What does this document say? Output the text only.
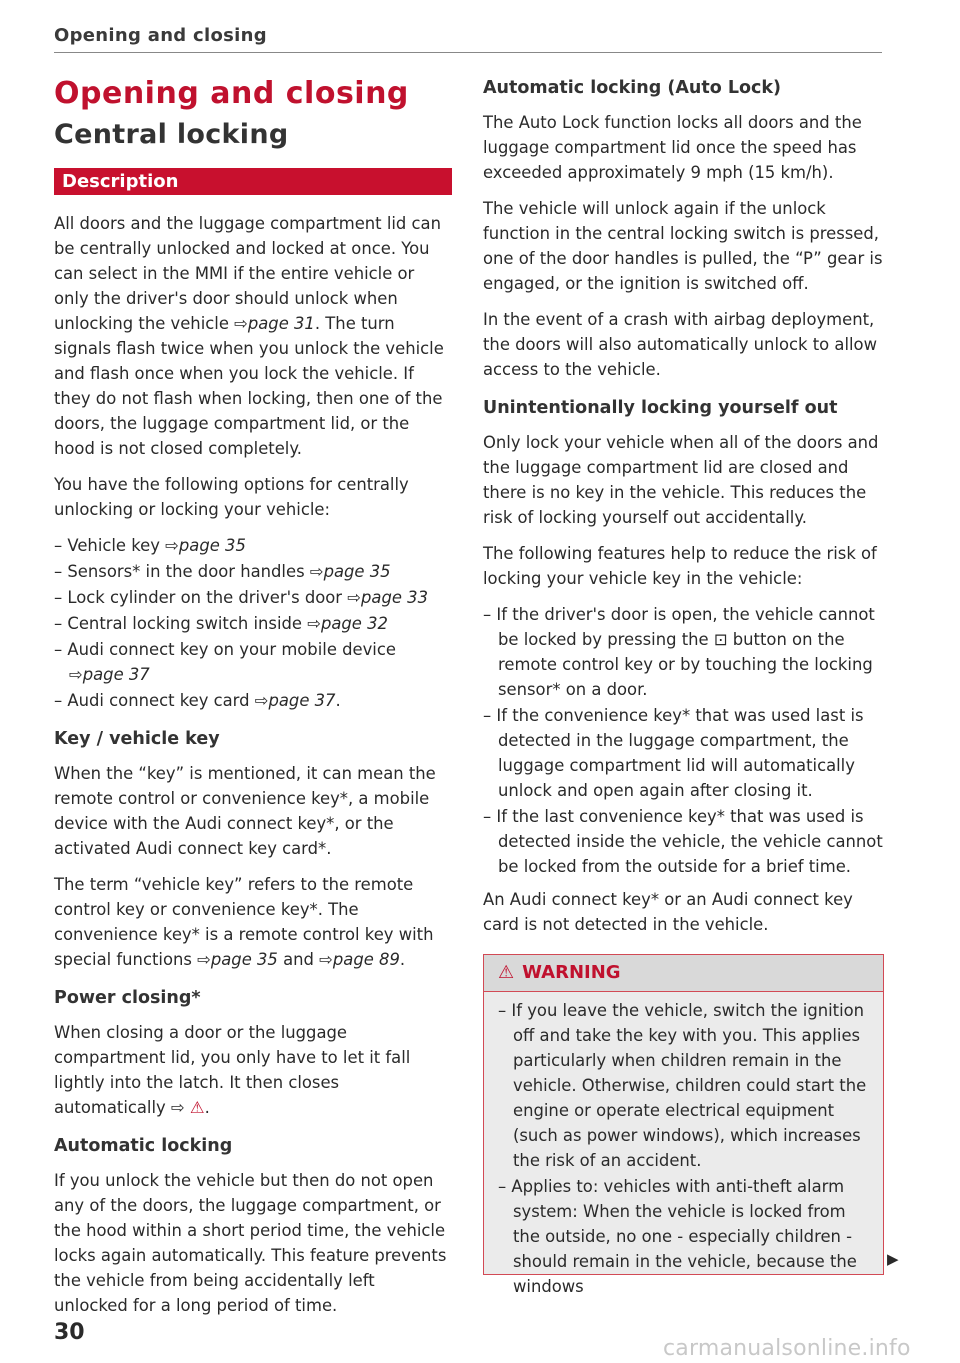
Opening and closing
Opening and closing
Central locking
Description

All doors and the luggage compartment lid can be centrally unlocked and locked at once. You can select in the MMI if the entire vehicle or only the driver's door should unlock when unlocking the vehicle ⇨page 31. The turn signals flash twice when you unlock the vehicle and flash once when you lock the vehicle. If they do not flash when locking, then one of the doors, the luggage compartment lid, or the hood is not closed completely.

You have the following options for centrally unlocking or locking your vehicle:

– Vehicle key ⇨page 35
– Sensors* in the door handles ⇨page 35
– Lock cylinder on the driver's door ⇨page 33
– Central locking switch inside ⇨page 32
– Audi connect key on your mobile device ⇨page 37
– Audi connect key card ⇨page 37.
Key / vehicle key

When the “key” is mentioned, it can mean the remote control or convenience key*, a mobile device with the Audi connect key*, or the activated Audi connect key card*.

The term “vehicle key” refers to the remote control key or convenience key*. The convenience key* is a remote control key with special functions ⇨page 35 and ⇨page 89.

Power closing*

When closing a door or the luggage compartment lid, you only have to let it fall lightly into the latch. It then closes automatically ⇨ ⚠.

Automatic locking

If you unlock the vehicle but then do not open any of the doors, the luggage compartment, or the hood within a short period time, the vehicle locks again automatically. This feature prevents the vehicle from being accidentally left unlocked for a long period of time.

Automatic locking (Auto Lock)

The Auto Lock function locks all doors and the luggage compartment lid once the speed has exceeded approximately 9 mph (15 km/h).

The vehicle will unlock again if the unlock function in the central locking switch is pressed, one of the door handles is pulled, the “P” gear is engaged, or the ignition is switched off.

In the event of a crash with airbag deployment, the doors will also automatically unlock to allow access to the vehicle.

Unintentionally locking yourself out

Only lock your vehicle when all of the doors and the luggage compartment lid are closed and there is no key in the vehicle. This reduces the risk of locking yourself out accidentally.

The following features help to reduce the risk of locking your vehicle key in the vehicle:

– If the driver's door is open, the vehicle cannot be locked by pressing the ⊡ button on the remote control key or by touching the locking sensor* on a door.
– If the convenience key* that was used last is detected in the luggage compartment, the luggage compartment lid will automatically unlock and open again after closing it.
– If the last convenience key* that was used is detected inside the vehicle, the vehicle cannot be locked from the outside for a brief time.

An Audi connect key* or an Audi connect key card is not detected in the vehicle.

⚠ WARNING
– If you leave the vehicle, switch the ignition off and take the key with you. This applies particularly when children remain in the vehicle. Otherwise, children could start the engine or operate electrical equipment (such as power windows), which increases the risk of an accident.
– Applies to: vehicles with anti-theft alarm system: When the vehicle is locked from the outside, no one - especially children - should remain in the vehicle, because the windows
▶
30
carmanualsonline.info
